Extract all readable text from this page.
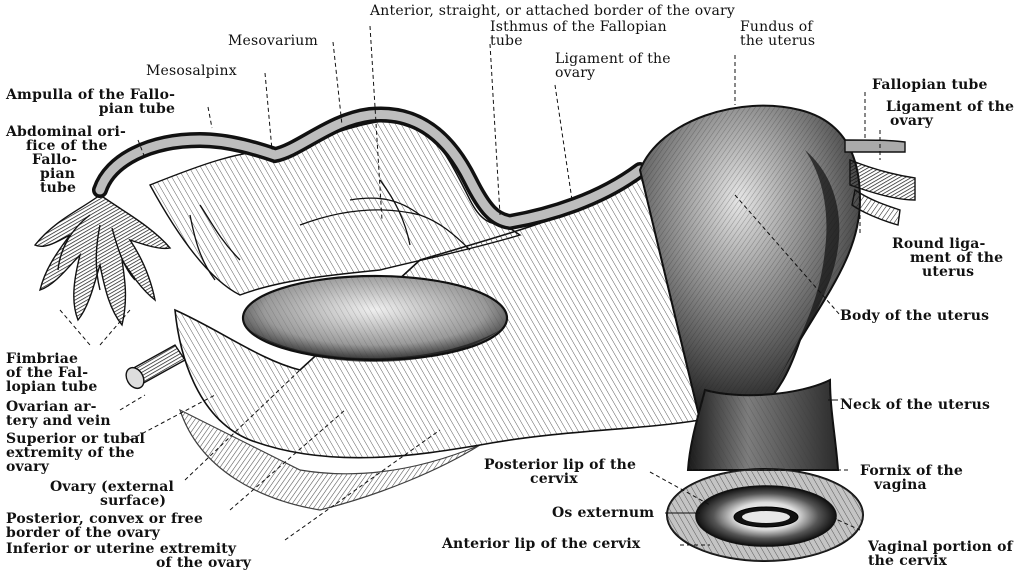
Anterior, straight, or attached border of the ovary
Isthmus of the Fallopian
tube
Fundus of
the uterus
Mesovarium
Ligament of the
ovary
Mesosalpinx
Ampulla of the Fallo-
pian tube
Abdominal ori-
fice of the
Fallo-
pian
tube
Fallopian tube
Ligament of the
ovary
Round liga-
ment of the
uterus
Body of the uterus
Neck of the uterus
Fimbriae
of the Fal-
lopian tube
Ovarian ar-
tery and vein
Superior or tubal
extremity of the
ovary
Ovary (external
surface)
Posterior, convex or free
border of the ovary
Inferior or uterine extremity
of the ovary
Posterior lip of the
cervix	Fornix of the
vagina
Os externum
Anterior lip of the cervix	Vaginal portion of
the cervix
